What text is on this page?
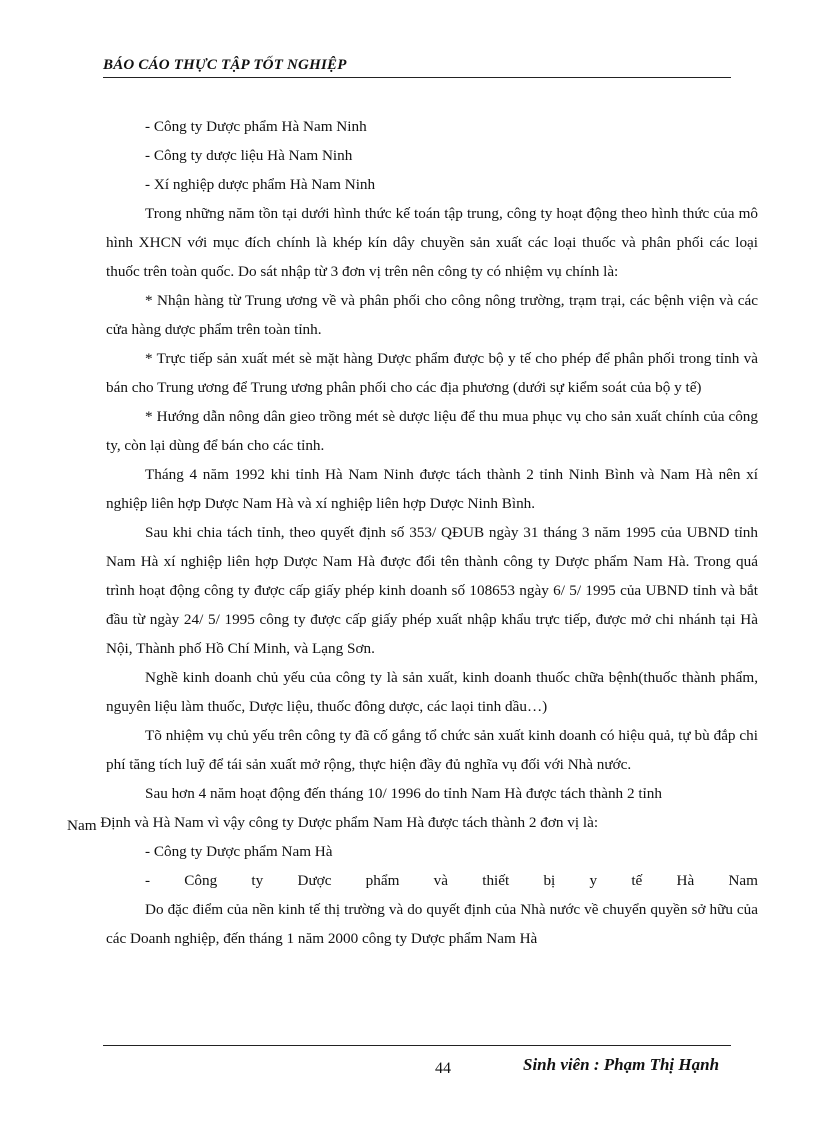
BÁO CÁO THỰC TẬP TỐT NGHIỆP

- Công ty Dược phẩm Hà Nam Ninh

- Công ty dược liệu Hà Nam Ninh

- Xí nghiệp dược phẩm Hà Nam Ninh

Trong những năm tồn tại dưới hình thức kế toán tập trung, công ty hoạt động theo hình thức của mô hình XHCN với mục đích chính là khép kín dây chuyền sản xuất các loại thuốc và phân phối các loại thuốc trên toàn quốc. Do sát nhập từ 3 đơn vị trên nên công ty có nhiệm vụ chính là:

* Nhận hàng từ Trung ương về và phân phối cho công nông trường, trạm trại, các bệnh viện và các cửa hàng dược phẩm trên toàn tỉnh.

* Trực tiếp sản xuất mét sè mặt hàng Dược phẩm được bộ y tế cho phép để phân phối trong tỉnh và bán cho Trung ương để Trung ương phân phối cho các địa phương (dưới sự kiểm soát của bộ y tế)

* Hướng dẫn nông dân gieo trồng mét sè dược liệu để thu mua phục vụ cho sản xuất chính của công ty, còn lại dùng để bán cho các tỉnh.

Tháng 4 năm 1992 khi tỉnh Hà Nam Ninh được tách thành 2 tỉnh Ninh Bình và Nam Hà nên xí nghiệp liên hợp Dược Nam Hà và xí nghiệp liên hợp Dược Ninh Bình.

Sau khi chia tách tỉnh, theo quyết định số 353/ QĐUB ngày 31 tháng 3 năm 1995 của UBND tỉnh Nam Hà xí nghiệp liên hợp Dược Nam Hà được đổi tên thành công ty Dược phẩm Nam Hà. Trong quá trình hoạt động công ty được cấp giấy phép kinh doanh số 108653 ngày 6/ 5/ 1995 của UBND tỉnh và bắt đầu từ ngày 24/ 5/ 1995 công ty được cấp giấy phép xuất nhập khẩu trực tiếp, được mở chi nhánh tại Hà Nội, Thành phố Hồ Chí Minh, và Lạng Sơn.

Nghề kinh doanh chủ yếu của công ty là sản xuất, kinh doanh thuốc chữa bệnh(thuốc thành phẩm, nguyên liệu làm thuốc, Dược liệu, thuốc đông dược, các laọi tinh dầu…)

Tõ nhiệm vụ chủ yếu trên công ty đã cố gắng tổ chức sản xuất kinh doanh có hiệu quả, tự bù đắp chi phí tăng tích luỹ để tái sản xuất mở rộng, thực hiện đầy đủ nghĩa vụ đối với Nhà nước.

Sau hơn 4 năm hoạt động đến tháng 10/ 1996 do tỉnh Nam Hà được tách thành 2 tỉnh
Nam Định và Hà Nam vì vậy công ty Dược phẩm Nam Hà được tách thành 2 đơn vị là:

- Công ty Dược phẩm Nam Hà

- Công ty Dược phẩm và thiết bị y tế Hà Nam

Do đặc điểm của nền kinh tế thị trường và do quyết định của Nhà nước về chuyển quyền sở hữu của các Doanh nghiệp, đến tháng 1 năm 2000 công ty Dược phẩm Nam Hà

44	Sinh viên : Phạm Thị Hạnh
